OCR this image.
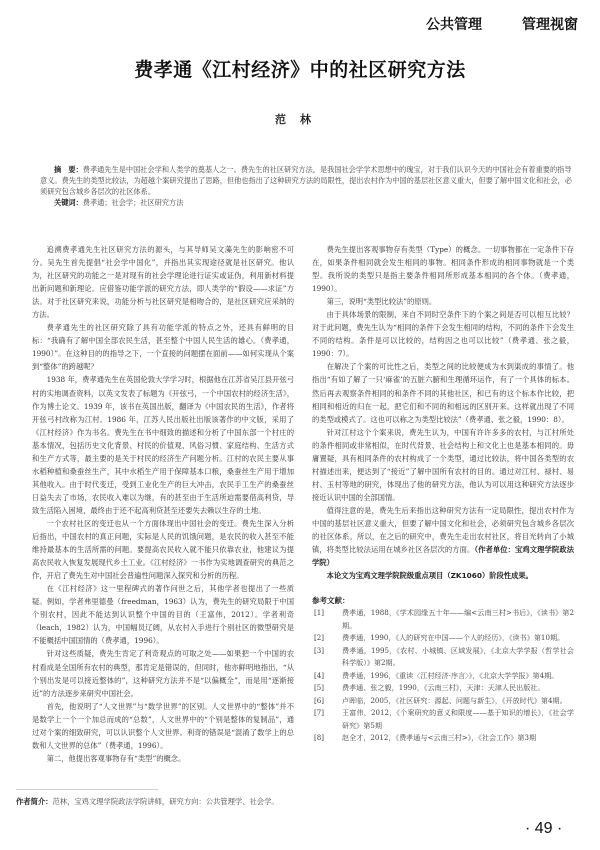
公共管理	管理视窗
费孝通《江村经济》中的社区研究方法
范林

摘　要：费孝通先生是中国社会学和人类学的奠基人之一。费先生的社区研究方法，是我国社会学学术思想中的瑰宝，对于我们认识今天的中国社会有着重要的指导意义。费先生的类型比较法，为超越个案研究提出了思路，但他也指出了这种研究方法的局限性，提出农村作为中国的基层社区意义重大，但要了解中国文化和社会，必须研究包含城乡各层次的社区体系。

关键词：费孝通；社会学；社区研究方法

追溯费孝通先生社区研究方法的源头，与其导师吴文藻先生的影响密不可分。吴先生首先提倡“社会学中国化”，并指出其实现途径就是社区研究。他认为，社区研究的功能之一是对现有的社会学理论进行证实或证伪，利用新材料提出新问题和新理论。应借鉴功能学派的研究方法，即人类学的“假设——求证”方法。对于社区研究来说，功能分析与社区研究是相吻合的，是社区研究应采纳的方法。

费孝通先生的社区研究除了具有功能学派的特点之外，还具有鲜明的目标：“我确有了解中国全部农民生活，甚至整个中国人民生活的雄心。（费孝通，1990）”。在这种目的的指导之下，一个直接的问题摆在面前——如何实现从个案到“整体”的跨越呢？

1938 年，费孝通先生在英国伦敦大学学习时，根据他在江苏省吴江县开弦弓村的实地调查资料，以英文发表了标题为《开弦弓，一个中国农村的经济生活》，作为博士论文。1939 年，该书在英国出版，翻译为《中国农民的生活》，作者将开弦弓村改称为江村。1986 年，江苏人民出版社出版该著作的中文版，采用了《江村经济》作为书名。费先生在书中细致的描述和分析了中国东部一个村庄的基本情况，包括历史文化背景、村民的价值观、风俗习惯、家庭结构、生活方式和生产方式等，最主要的是关于村民的经济生产问题分析。江村的农民主要从事水稻种植和桑蚕丝生产，其中水稻生产用于保障基本口粮，桑蚕丝生产用于增加其他收入。由于时代变迁，受到工业化生产的巨大冲击，农民手工生产的桑蚕丝日益失去了市场，农民收入难以为继，有的甚至由于生活所迫需要借高利贷，导致生活陷入困境，最终由于还不起高利贷甚至还要失去赖以生存的土地。

一个农村社区的变迁也从一个方面体现出中国社会的变迁。费先生深入分析后指出，中国农村的真正问题，实际是人民的饥饿问题，是农民的收入甚至不能维持最基本的生活所需的问题。要提高农民收入就不能只依靠农业，他建议为提高农民收入恢复发展现代乡土工业。《江村经济》一书作为实地调查研究的典范之作，开启了费先生对中国社会普遍性问题深入探究和分析的历程。

在《江村经济》这一里程碑式的著作问世之后，其他学者也提出了一些质疑。例如，学者弗里德曼（freedman，1963）认为，费先生的研究局限于中国个别农村，因此不能达到认识整个中国的目的（王富伟，2012）。学者利奇（leach，1982）认为，中国幅员辽阔，从农村入手进行个别社区的微型研究是不能概括中国国情的（费孝通，1996）。

针对这些质疑，费先生肯定了利奇观点的可取之处——如果把一个中国的农村看成是全国所有农村的典型，那肯定是错误的，但同时，他亦鲜明地指出，“从个别出发是可以接近整体的”，这种研究方法并不是“以偏概全”，而是用“逐渐接近”的方法逐步来研究中国社会。

首先，他说明了“人文世界”与“数学世界”的区别。人文世界中的“整体”并不是数学上一个一个加总而成的“总数”，人文世界中的“个别是整体的复制品”，通过对个案的细致研究，可以认识整个人文世界。利奇的错误是“混淆了数学上的总数和人文世界的总体”（费孝通，1996）。

第二，他提出客观事物存有“类型”的概念。

费先生提出客观事物存有类型（Type）的概念。一切事物都在一定条件下存在，如果条件相同就会发生相同的事物。相同条件形成的相同事物就是一个类型。我所说的类型只是指主要条件相同所形成基本相同的各个体。（费孝通，1990）。

第三，说明“类型比较法”的原则。

由于具体场景的限制，来自不同时空条件下的个案之间是否可以相互比较？对于此问题，费先生认为“相同的条件下会发生相同的结构，不同的条件下会发生不同的结构。条件是可以比较的，结构因之也可以比较”（费孝通、张之毅，1990：7）。

在解决了个案的可比性之后，类型之间的比较便成为水到渠成的事情了。他指出“有如了解了一只‘麻雀’的五脏六腑和生理循环运作，有了一个具体的标本。然后再去观察条件相同的和条件不同的其他社区，和已有的这个标本作比较，把相同和相近的归在一起，把它们和不同的和相远的区别开来。这样就出现了不同的类型或模式了。这也可以称之为类型比较法”（费孝通、张之毅，1990：8）。

针对江村这个个案来说，费先生认为，中国有许许多多的农村，与江村所处的条件相同或非常相似，在时代背景、社会结构上和文化上也是基本相同的。毋庸置疑，具有相同条件的农村构成了一个类型，通过比较法，将中国各类型的农村描述出来，便达到了“接近”了解中国所有农村的目的。通过对江村、禄村、易村、玉村等地的研究，体现出了他的研究方法，他认为可以用这种研究方法逐步接近认识中国的全部国情。

值得注意的是，费先生后来指出这种研究方法有一定局限性，提出农村作为中国的基层社区意义重大，但要了解中国文化和社会，必须研究包含城乡各层次的社区体系。所以，在之后的研究中，费先生走出农村社区，将目光转向了小城镇，将类型比较法运用在城乡社区各层次的方面。（作者单位：宝鸡文理学院政法学院）

本论文为宝鸡文理学院院级重点项目（ZK1060）阶段性成果。

参考文献：
[1]	费孝通，1988，《学术园缘五十年——编<云南三村>书后》，《读书》第2期。
[2]	费孝通，1990，《人的研究在中国——个人的经历》，《读书》第10期。
[3]	费孝通，1995，《农村、小城镇、区域发展》，《北京大学学报（哲学社会科学版）》第2期。
[4]	费孝通，1996，《重读〈江村经济·序言〉》，《北京大学学报》第4期。
[5]	费孝通、张之毅，1990，《云南三村》，天津：天津人民出版社。
[6]	卢晖临，2005，《社区研究：源起、问题与新生》，《开放时代》第4期。
[7]	王富伟，2012，《个案研究的意义和限度——基于知识的增长》，《社会学研究》第5期
[8]	赵全才，2012，《费孝通与<云南三村>》，《社会工作》第3期
作者简介：范林，宝鸡文理学院政法学院讲师，研究方向：公共管理学、社会学。
· 49 ·
